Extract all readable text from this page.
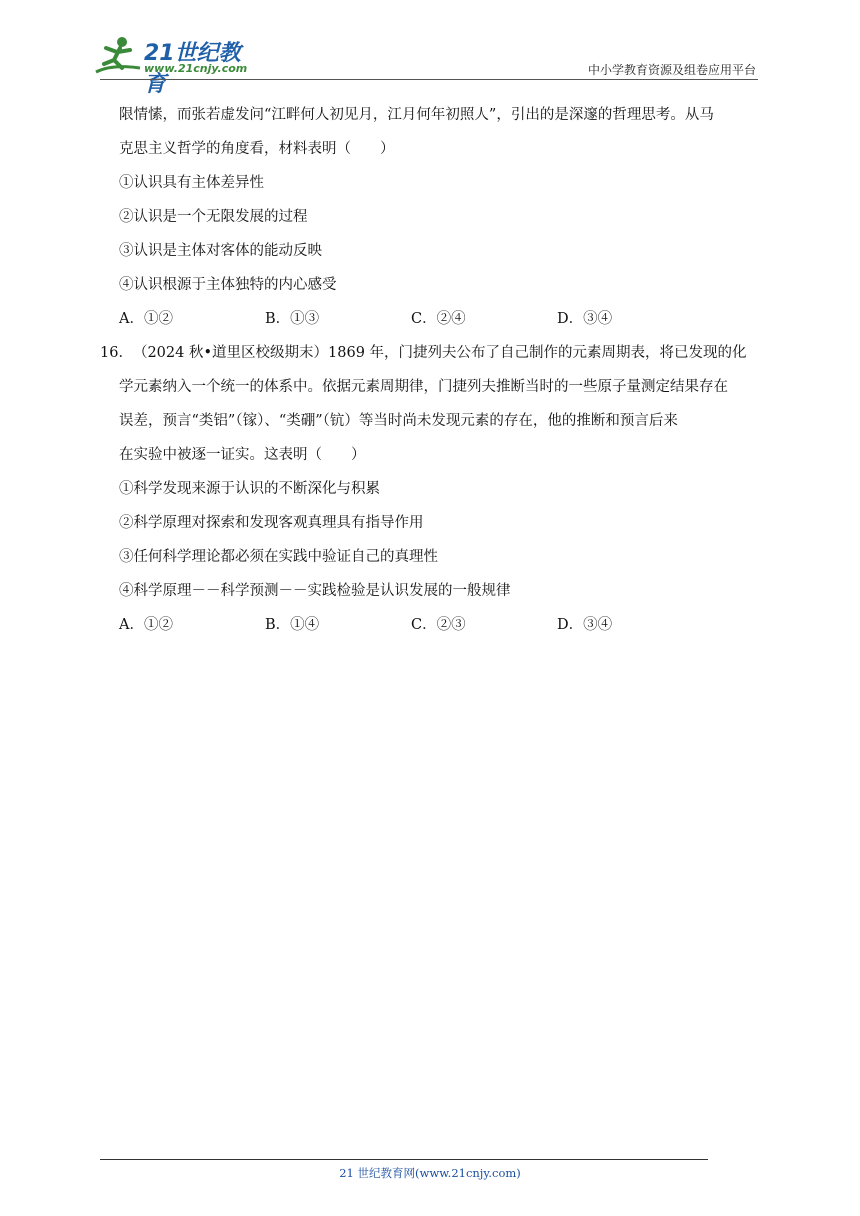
21世纪教育
www.21cnjy.com	中小学教育资源及组卷应用平台
限情愫，而张若虚发问“江畔何人初见月，江月何年初照人”，引出的是深邃的哲理思考。从马
克思主义哲学的角度看，材料表明（　　）
①认识具有主体差异性
②认识是一个无限发展的过程
③认识是主体对客体的能动反映
④认识根源于主体独特的内心感受
A．①②	B．①③	C．②④	D．③④
16．（2024 秋•道里区校级期末）1869 年，门捷列夫公布了自己制作的元素周期表，将已发现的化
学元素纳入一个统一的体系中。依据元素周期律，门捷列夫推断当时的一些原子量测定结果存在
误差，预言“类铝”（镓）、“类硼”（钪）等当时尚未发现元素的存在，他的推断和预言后来
在实验中被逐一证实。这表明（　　）
①科学发现来源于认识的不断深化与积累
②科学原理对探索和发现客观真理具有指导作用
③任何科学理论都必须在实践中验证自己的真理性
④科学原理－－科学预测－－实践检验是认识发展的一般规律
A．①②	B．①④	C．②③	D．③④
21 世纪教育网(www.21cnjy.com)
